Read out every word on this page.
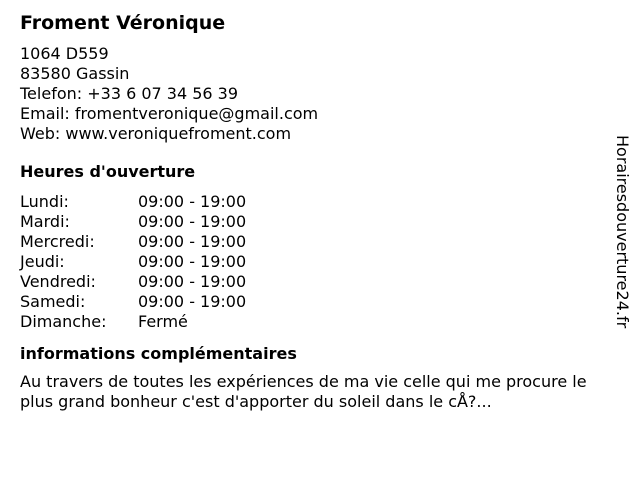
Froment Véronique
1064 D559
83580 Gassin
Telefon: +33 6 07 34 56 39
Email: fromentveronique@gmail.com
Web: www.veroniquefroment.com
Heures d'ouverture
Lundi:	09:00 - 19:00
Mardi:	09:00 - 19:00
Mercredi:	09:00 - 19:00
Jeudi:	09:00 - 19:00
Vendredi:	09:00 - 19:00
Samedi:	09:00 - 19:00
Dimanche:	Fermé
informations complémentaires
Au travers de toutes les expériences de ma vie celle qui me procure le plus grand bonheur c'est d'apporter du soleil dans le cÅ?...
Horairesdouverture24.fr
